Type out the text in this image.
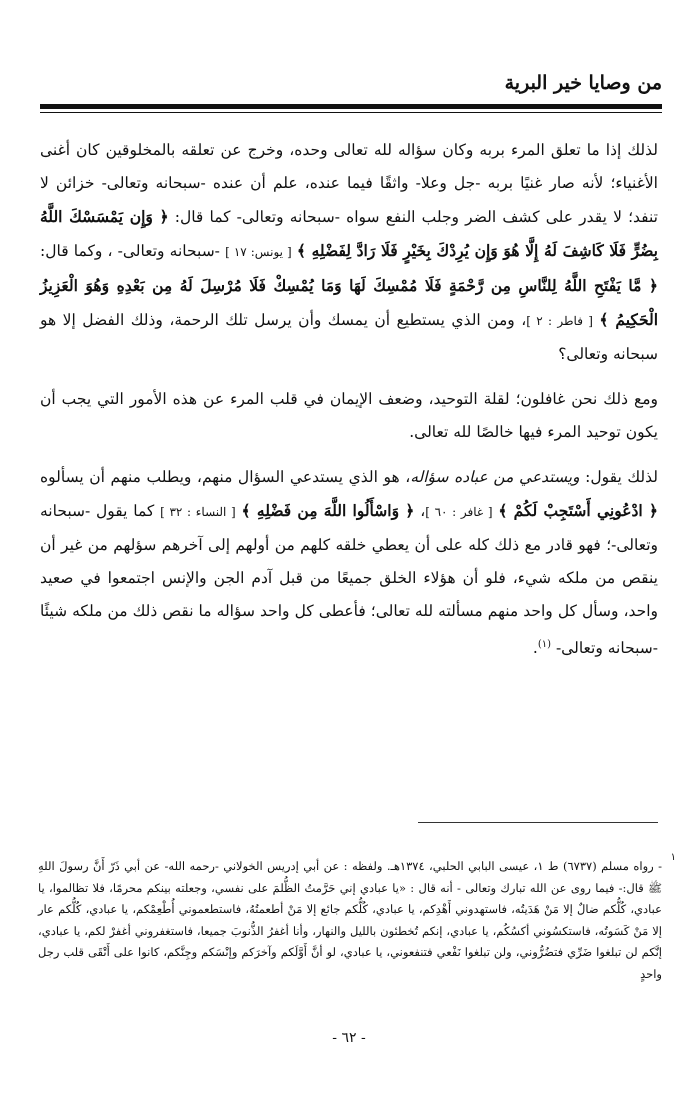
من وصايا خير البرية

لذلك إذا ما تعلق المرء بربه وكان سؤاله لله تعالى وحده، وخرج عن تعلقه بالمخلوقين كان أغنى الأغنياء؛ لأنه صار غنيًا بربه -جل وعلا- واثقًا فيما عنده، علم أن عنده -سبحانه وتعالى- خزائن لا تنفد؛ لا يقدر على كشف الضر وجلب النفع سواه -سبحانه وتعالى- كما قال: ﴿ وَإِن يَمْسَسْكَ اللَّهُ بِضُرٍّ فَلَا كَاشِفَ لَهُ إِلَّا هُوَ وَإِن يُرِدْكَ بِخَيْرٍ فَلَا رَادَّ لِفَضْلِهِ ﴾ [ يونس: ١٧ ] -سبحانه وتعالى- ، وكما قال: ﴿ مَّا يَفْتَحِ اللَّهُ لِلنَّاسِ مِن رَّحْمَةٍ فَلَا مُمْسِكَ لَهَا وَمَا يُمْسِكْ فَلَا مُرْسِلَ لَهُ مِن بَعْدِهِ وَهُوَ الْعَزِيزُ الْحَكِيمُ ﴾ [ فاطر : ٢ ]، ومن الذي يستطيع أن يمسك وأن يرسل تلك الرحمة، وذلك الفضل إلا هو سبحانه وتعالى؟

ومع ذلك نحن غافلون؛ لقلة التوحيد، وضعف الإيمان في قلب المرء عن هذه الأمور التي يجب أن يكون توحيد المرء فيها خالصًا لله تعالى.

لذلك يقول: ويستدعي من عباده سؤاله، هو الذي يستدعي السؤال منهم، ويطلب منهم أن يسألوه ﴿ ادْعُونِي أَسْتَجِبْ لَكُمْ ﴾ [ غافر : ٦٠ ]، ﴿ وَاسْأَلُوا اللَّهَ مِن فَضْلِهِ ﴾ [ النساء : ٣٢ ] كما يقول -سبحانه وتعالى-؛ فهو قادر مع ذلك كله على أن يعطي خلقه كلهم من أولهم إلى آخرهم سؤلهم من غير أن ينقص من ملكه شيء، فلو أن هؤلاء الخلق جميعًا من قبل آدم الجن والإنس اجتمعوا في صعيد واحد، وسأل كل واحد منهم مسألته لله تعالى؛ فأعطى كل واحد سؤاله ما نقص ذلك من ملكه شيئًا -سبحانه وتعالى- $^{(١)}$.

١

- رواه مسلم (٦٧٣٧) ط ١، عيسى البابي الحلبي، ١٣٧٤هـ. ولفظه : عن أبي إدريس الخولاني -رحمه الله- عن أبي ذَرّ أَنَّ رسولَ اللهِ ﷺ قال:- فيما روى عن الله تبارك وتعالى - أنه قال : «يا عبادي إني حَرَّمتُ الظُّلمَ على نفسي، وجعلته بينكم محرمًا، فلا تظالموا، يا عبادي، كُلُّكم ضالٌ إلا مَنْ هَدَيتُه، فاستهدوني أَهْدِكم، يا عبادي، كُلُّكم جائع إلا مَنْ أطعمتُهُ، فاستطعموني أُطْعِمْكم، يا عبادي، كُلُّكم عار إلا مَنْ كَسَوتُه، فاستكسُوني أكسُكُم، يا عبادي، إنكم تُخطئون بالليل والنهار، وأنا أغفرُ الذُّنوبَ جميعا، فاستغفروني أغفرْ لكم، يا عبادي، إنَّكم لن تبلغوا ضَرِّي فتضُرُّوني، ولن تبلغوا نَفْعي فتنفعوني، يا عبادي، لو أنَّ أَوَّلَكم وآخرَكم وإنْسَكم وجِنَّكم، كانوا على أَتْقَى قلب رجل واحدٍ

- ٦٢ -
